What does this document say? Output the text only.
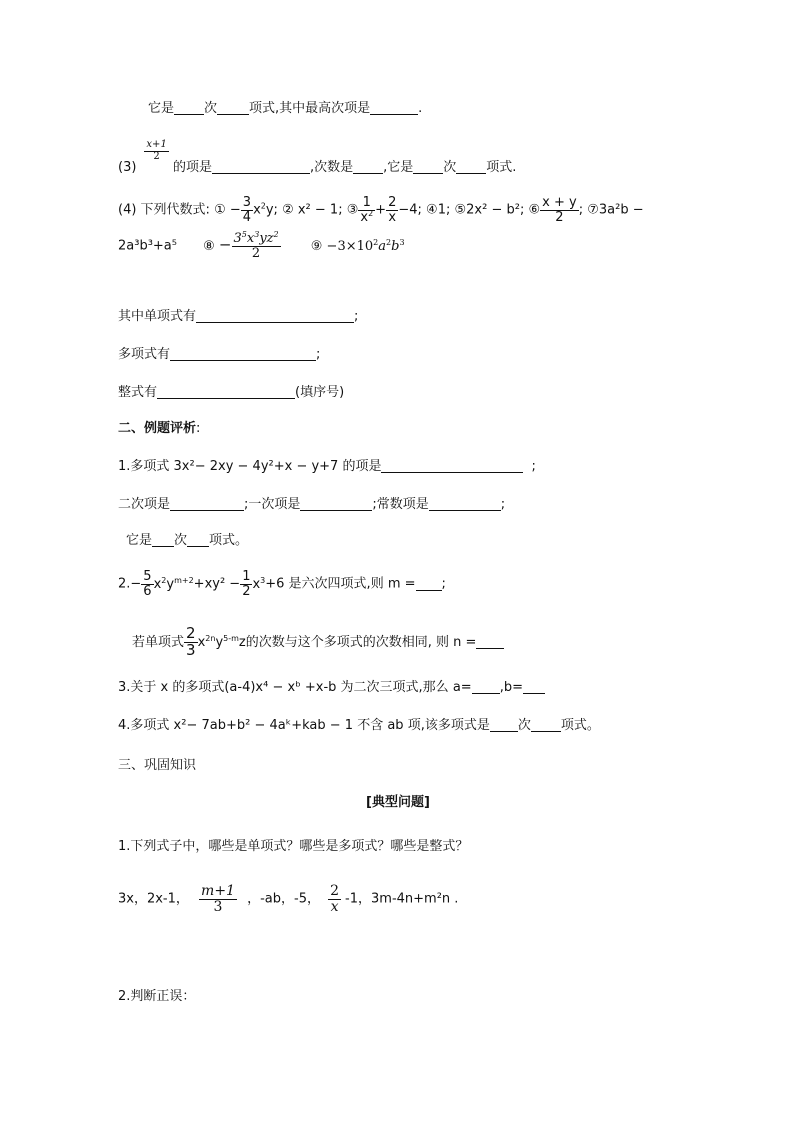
它是 次 项式,其中最高次项是	.
(3)
$\frac{x+1}{2}$
的项是	,次数是 ,它是 次 项式.
(4) 下列代数式: ① − $\frac{3}{4} x^2y$; ② x² − 1; ③ $\frac{1}{x^2} + \frac{2}{x} -4$; ④1; ⑤2x² − b²; ⑥ $\frac{x + y}{2}$ ; ⑦3a²b −
2a³b³+a⁵ ⑧ − $\frac{3^5x^3yz^2}{2}$ ⑨ $-3\times 10^2a^2b^3$
其中单项式有	;
多项式有	;
整式有	(填序号)
二、例题评析:
1.多项式 3x²− 2xy − 4y²+x − y+7 的项是	;
二次项是	;一次项是	;常数项是	;
它是 次 项式。
$2.- \frac{5}{6} x^2y^{m+2}+xy^2 - \frac{1}{2} x^3+6$ 是六次四项式,则 m = ;
若单项式 $\frac{2}{3} x^{2n}y^{5-m}z$的次数与这个多项式的次数相同, 则 n =
3.关于 x 的多项式(a-4)x⁴ − xᵇ +x-b 为二次三项式,那么 a= ,b=
4.多项式 x²− 7ab+b² − 4aᵏ+kab − 1 不含 ab 项,该多项式是 次 项式。
三、巩固知识
[典型问题]
1.下列式子中，哪些是单项式？哪些是多项式？哪些是整式？
3x，2x-1， $\frac{m+1}{3}$ ，-ab，-5， $\frac{2}{x} -1$，3m-4n+m²n .
2.判断正误：
